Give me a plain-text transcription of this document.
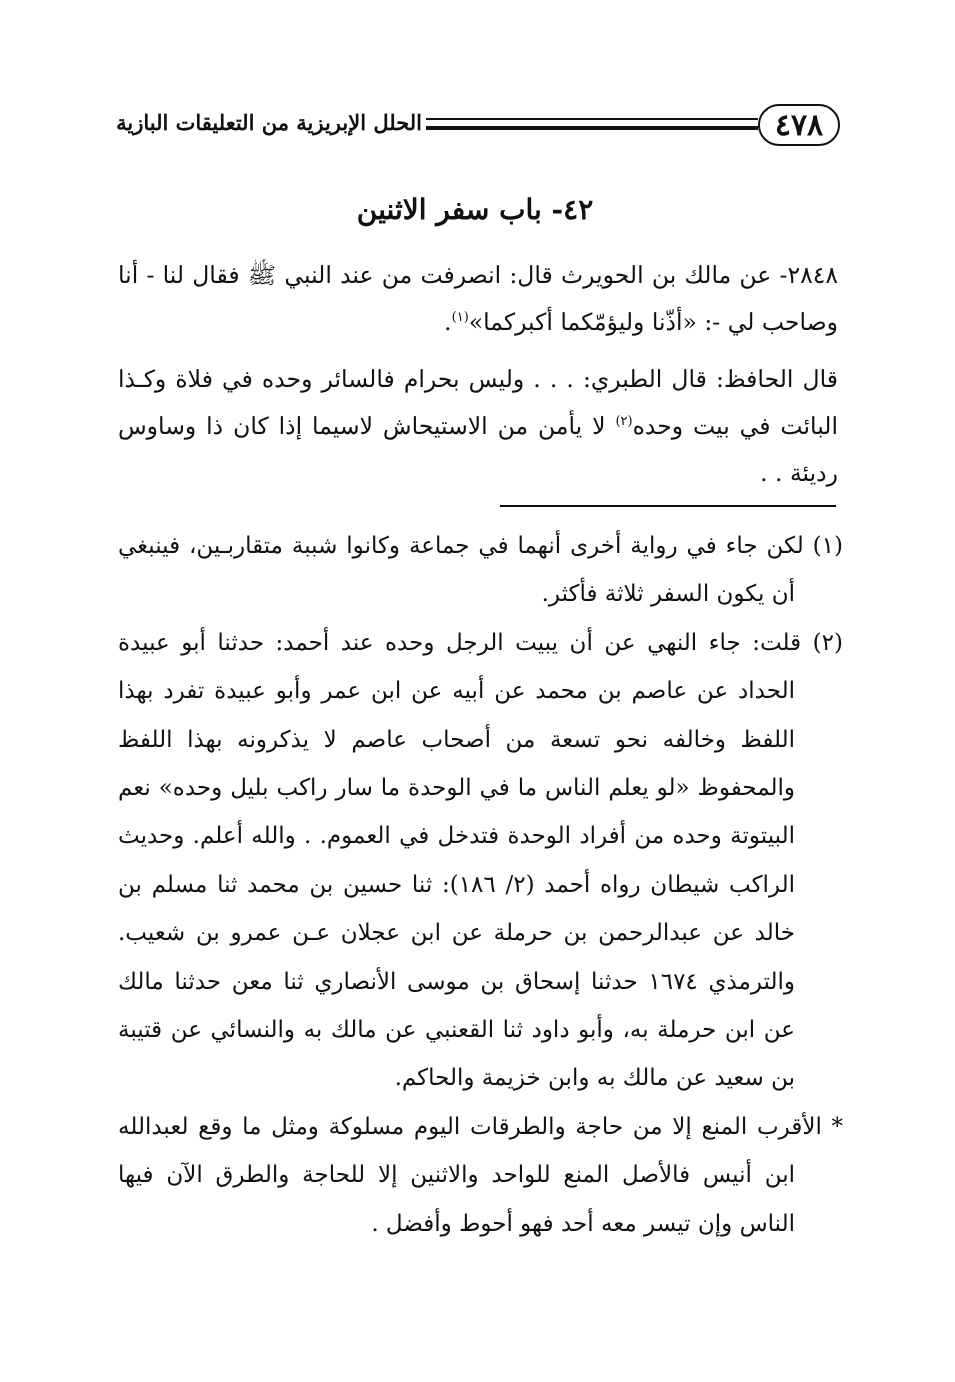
٤٧٨
الحلل الإبريزية من التعليقات البازية
٤٢- باب سفر الاثنين

٢٨٤٨- عن مالك بن الحويرث قال: انصرفت من عند النبي ﷺ فقال لنا - أنا وصاحب لي -: «أذّنا وليؤمّكما أكبركما»$^{(١)}$.

قال الحافظ: قال الطبري: . . . وليس بحرام فالسائر وحده في فلاة وكـذا البائت في بيت وحده$^{(٢)}$ لا يأمن من الاستيحاش لاسيما إذا كان ذا وساوس رديئة . .

(١) لكن جاء في رواية أخرى أنهما في جماعة وكانوا شببة متقاربـين، فينبغي أن يكون السفر ثلاثة فأكثر.

(٢) قلت: جاء النهي عن أن يبيت الرجل وحده عند أحمد: حدثنا أبو عبيدة الحداد عن عاصم بن محمد عن أبيه عن ابن عمر وأبو عبيدة تفرد بهذا اللفظ وخالفه نحو تسعة من أصحاب عاصم لا يذكرونه بهذا اللفظ والمحفوظ «لو يعلم الناس ما في الوحدة ما سار راكب بليل وحده» نعم البيتوتة وحده من أفراد الوحدة فتدخل في العموم. . والله أعلم. وحديث الراكب شيطان رواه أحمد (٢/ ١٨٦): ثنا حسين بن محمد ثنا مسلم بن خالد عن عبدالرحمن بن حرملة عن ابن عجلان عـن عمرو بن شعيب. والترمذي ١٦٧٤ حدثنا إسحاق بن موسى الأنصاري ثنا معن حدثنا مالك عن ابن حرملة به، وأبو داود ثنا القعنبي عن مالك به والنسائي عن قتيبة بن سعيد عن مالك به وابن خزيمة والحاكم.

* الأقرب المنع إلا من حاجة والطرقات اليوم مسلوكة ومثل ما وقع لعبدالله ابن أنيس فالأصل المنع للواحد والاثنين إلا للحاجة والطرق الآن فيها الناس وإن تيسر معه أحد فهو أحوط وأفضل .
